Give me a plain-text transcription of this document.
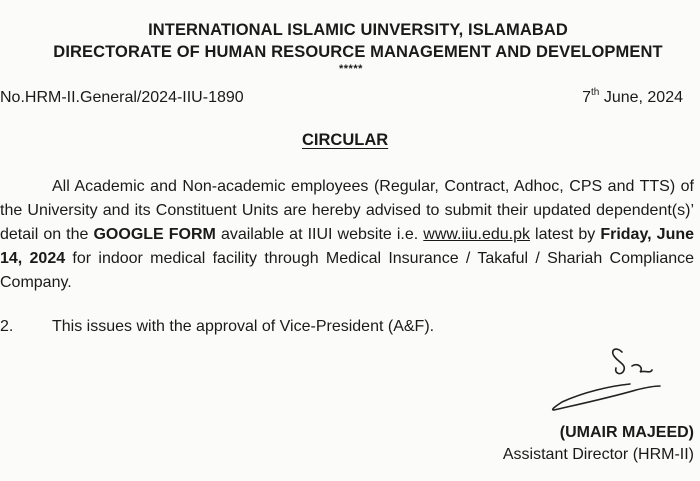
INTERNATIONAL ISLAMIC UINVERSITY, ISLAMABAD
DIRECTORATE OF HUMAN RESOURCE MANAGEMENT AND DEVELOPMENT
*****
No.HRM-II.General/2024-IIU-1890	7th June, 2024
CIRCULAR
All Academic and Non-academic employees (Regular, Contract, Adhoc, CPS and TTS) of the University and its Constituent Units are hereby advised to submit their updated dependent(s)’ detail on the GOOGLE FORM available at IIUI website i.e. www.iiu.edu.pk latest by Friday, June 14, 2024 for indoor medical facility through Medical Insurance / Takaful / Shariah Compliance Company.
2. This issues with the approval of Vice-President (A&F).
(UMAIR MAJEED)
Assistant Director (HRM-II)
